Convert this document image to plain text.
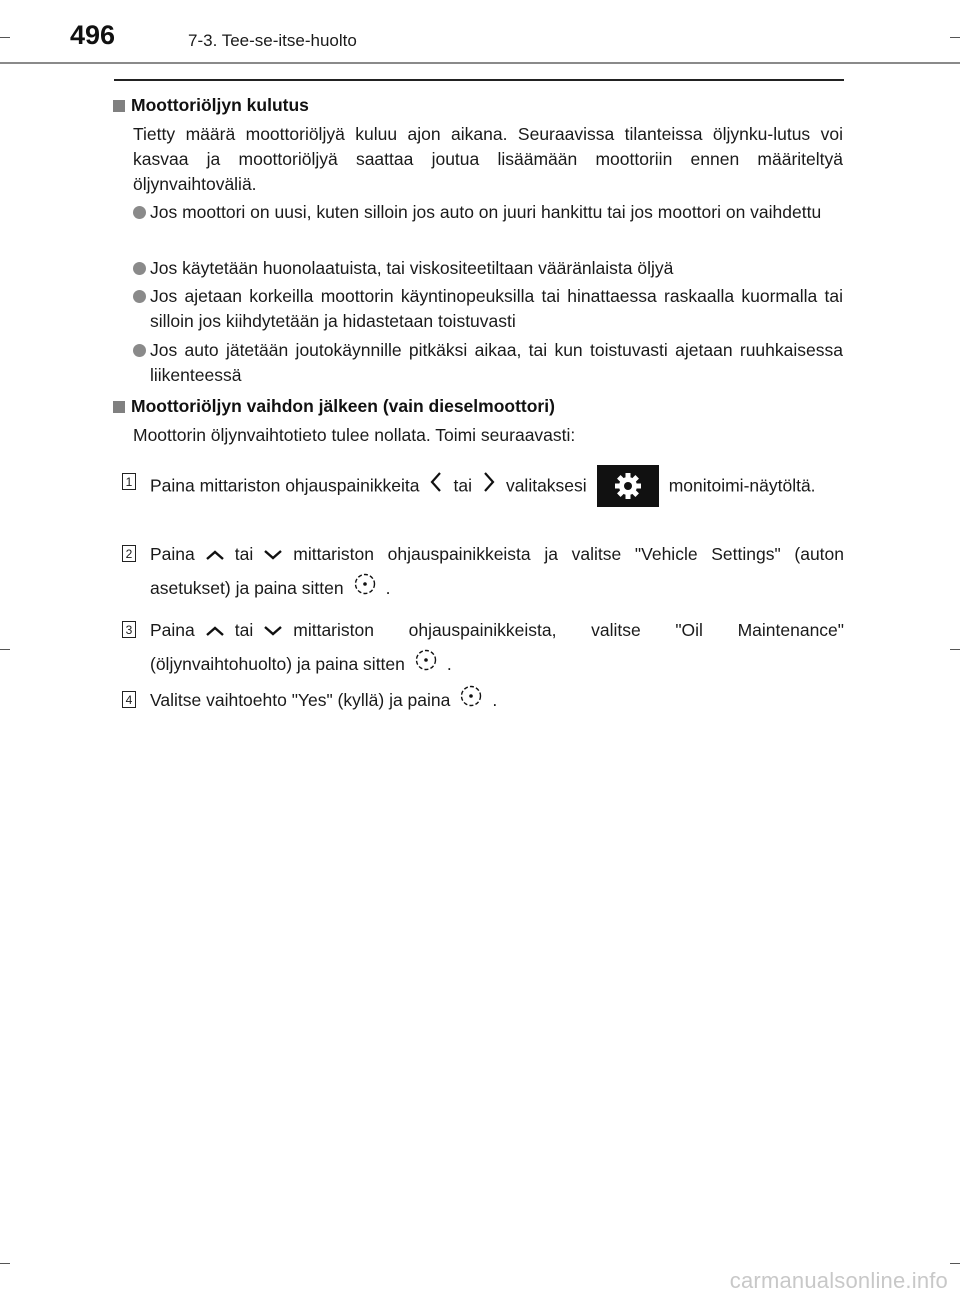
496	7-3. Tee-se-itse-huolto
Moottoriöljyn kulutus
Tietty määrä moottoriöljyä kuluu ajon aikana. Seuraavissa tilanteissa öljynku-lutus voi kasvaa ja moottoriöljyä saattaa joutua lisäämään moottoriin ennen määriteltyä öljynvaihtoväliä.
Jos moottori on uusi, kuten silloin jos auto on juuri hankittu tai jos moottori on vaihdettu
Jos käytetään huonolaatuista, tai viskositeetiltaan vääränlaista öljyä
Jos ajetaan korkeilla moottorin käyntinopeuksilla tai hinattaessa raskaalla kuormalla tai silloin jos kiihdytetään ja hidastetaan toistuvasti
Jos auto jätetään joutokäynnille pitkäksi aikaa, tai kun toistuvasti ajetaan ruuhkaisessa liikenteessä
Moottoriöljyn vaihdon jälkeen (vain dieselmoottori)
Moottorin öljynvaihtotieto tulee nollata. Toimi seuraavasti:
1 Paina mittariston ohjauspainikkeita tai valitaksesi	monitoimi-näytöltä.
2 Paina tai mittariston ohjauspainikkeista ja valitse "Vehicle Settings" (auton asetukset) ja paina sitten .
3 Paina tai mittariston ohjauspainikkeista, valitse "Oil Maintenance" (öljynvaihtohuolto) ja paina sitten .
4 Valitse vaihtoehto "Yes" (kyllä) ja paina .
carmanualsonline.info
